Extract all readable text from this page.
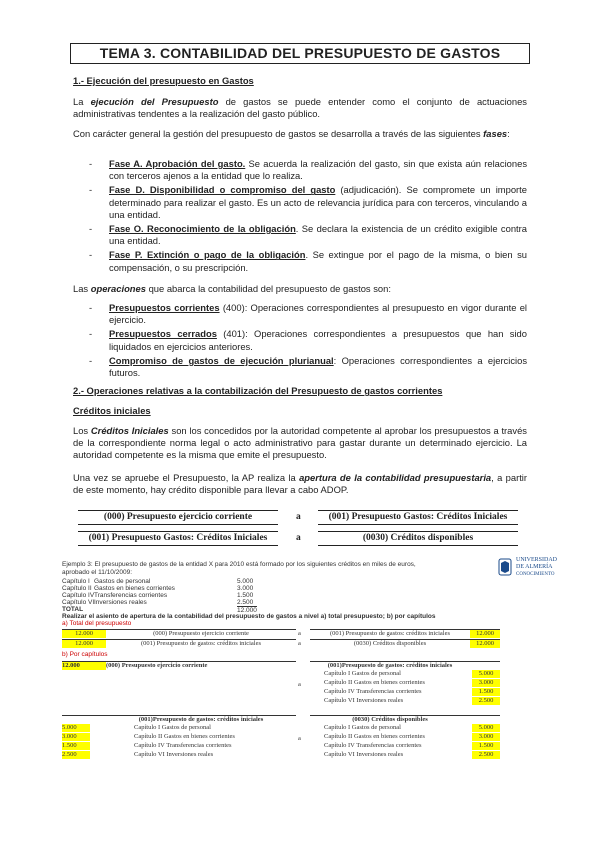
TEMA 3. CONTABILIDAD DEL PRESUPUESTO DE GASTOS
1.- Ejecución del presupuesto en Gastos
La ejecución del Presupuesto de gastos se puede entender como el conjunto de actuaciones administrativas tendentes a la realización del gasto público.
Con carácter general la gestión del presupuesto de gastos se desarrolla a través de las siguientes fases:
- Fase A. Aprobación del gasto. Se acuerda la realización del gasto, sin que exista aún relaciones con terceros ajenos a la entidad que lo realiza.
- Fase D. Disponibilidad o compromiso del gasto (adjudicación). Se compromete un importe determinado para realizar el gasto. Es un acto de relevancia jurídica para con terceros, vinculando a una entidad.
- Fase O. Reconocimiento de la obligación. Se declara la existencia de un crédito exigible contra una entidad.
- Fase P. Extinción o pago de la obligación. Se extingue por el pago de la misma, o bien su compensación, o su prescripción.
Las operaciones que abarca la contabilidad del presupuesto de gastos son:
- Presupuestos corrientes (400): Operaciones correspondientes al presupuesto en vigor durante el ejercicio.
- Presupuestos cerrados (401): Operaciones correspondientes a presupuestos que han sido liquidados en ejercicios anteriores.
- Compromiso de gastos de ejecución plurianual: Operaciones correspondientes a ejercicios futuros.
2.- Operaciones relativas a la contabilización del Presupuesto de gastos corrientes
Créditos iniciales
Los Créditos Iniciales son los concedidos por la autoridad competente al aprobar los presupuestos a través de la correspondiente norma legal o acto administrativo para gastar durante un determinado ejercicio. La autoridad competente es la misma que emite el presupuesto.
Una vez se apruebe el Presupuesto, la AP realiza la apertura de la contabilidad presupuestaria, a partir de este momento, hay crédito disponible para llevar a cabo ADOP.
(000) Presupuesto ejercicio corriente	a	(001) Presupuesto Gastos: Créditos Iniciales
(001) Presupuesto Gastos: Créditos Iniciales	a	(0030) Créditos disponibles
Ejemplo 3: El presupuesto de gastos de la entidad X para 2010 está formado por los siguientes créditos en miles de euros, aprobado el 11/10/2009:
UNIVERSIDAD
DE ALMERÍA
CONOCIMIENTO
Capítulo I Gastos de personal	5.000
Capítulo II Gastos en bienes corrientes	3.000
Capítulo IV Transferencias corrientes	1.500
Capítulo VI Inversiones reales	2.500
TOTAL	12.000
Realizar el asiento de apertura de la contabilidad del presupuesto de gastos a nivel a) total presupuesto; b) por capítulos
a) Total del presupuesto
12.000	(000) Presupuesto ejercicio corriente	a	(001) Presupuesto de gastos: créditos iniciales	12.000
12.000	(001) Presupuesto de gastos: créditos iniciales	a	(0030) Créditos disponibles	12.000
b) Por capítulos
12.000	(000) Presupuesto ejercicio corriente
a
(001)Presupuesto de gastos: créditos iniciales
Capítulo I Gastos de personal	5.000
Capítulo II Gastos en bienes corrientes	3.000
Capítulo IV Transferencias corrientes	1.500
Capítulo VI Inversiones reales	2.500
(001)Presupuesto de gastos: créditos iniciales
a
(0030) Créditos disponibles
5.000	Capítulo I Gastos de personal	Capítulo I Gastos de personal	5.000
3.000	Capítulo II Gastos en bienes corrientes	Capítulo II Gastos en bienes corrientes	3.000
1.500	Capítulo IV Transferencias corrientes	Capítulo IV Transferencias corrientes	1.500
2.500	Capítulo VI Inversiones reales	Capítulo VI Inversiones reales	2.500
